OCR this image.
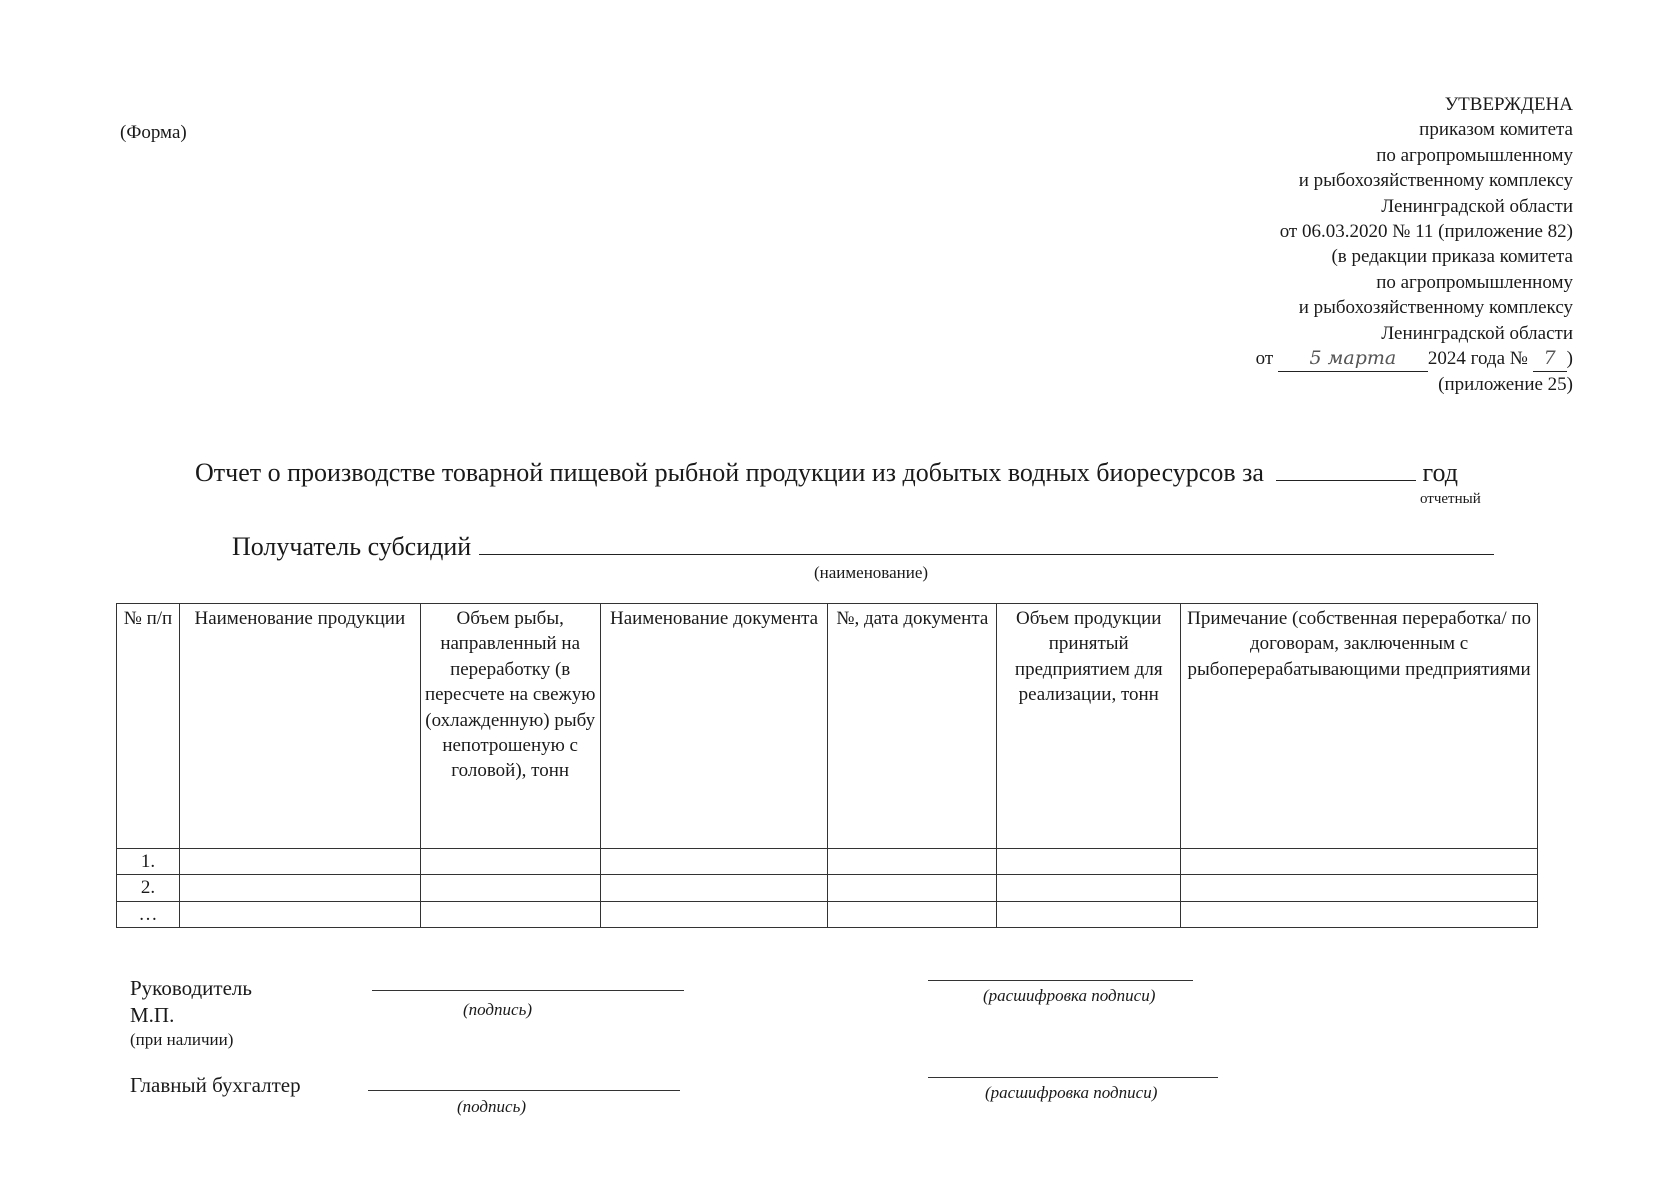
(Форма)
УТВЕРЖДЕНА
приказом комитета
по агропромышленному
и рыбохозяйственному комплексу
Ленинградской области
от 06.03.2020 № 11 (приложение 82)
(в редакции приказа комитета
по агропромышленному
и рыбохозяйственному комплексу
Ленинградской области
от 5 марта 2024 года № 7 )
(приложение 25)
Отчет о производстве товарной пищевой рыбной продукции из добытых водных биоресурсов за	год
отчетный
Получатель субсидий
(наименование)
№ п/п	Наименование продукции	Объем рыбы, направленный на переработку (в пересчете на свежую (охлажденную) рыбу непотрошеную с головой), тонн	Наименование документа	№, дата документа	Объем продукции принятый предприятием для реализации, тонн	Примечание (собственная переработка/ по договорам, заключенным с рыбоперерабатывающими предприятиями
1.						
2.						
…						
Руководитель
М.П.
(при наличии)
(подпись)
(расшифровка подписи)
Главный бухгалтер
(подпись)
(расшифровка подписи)
